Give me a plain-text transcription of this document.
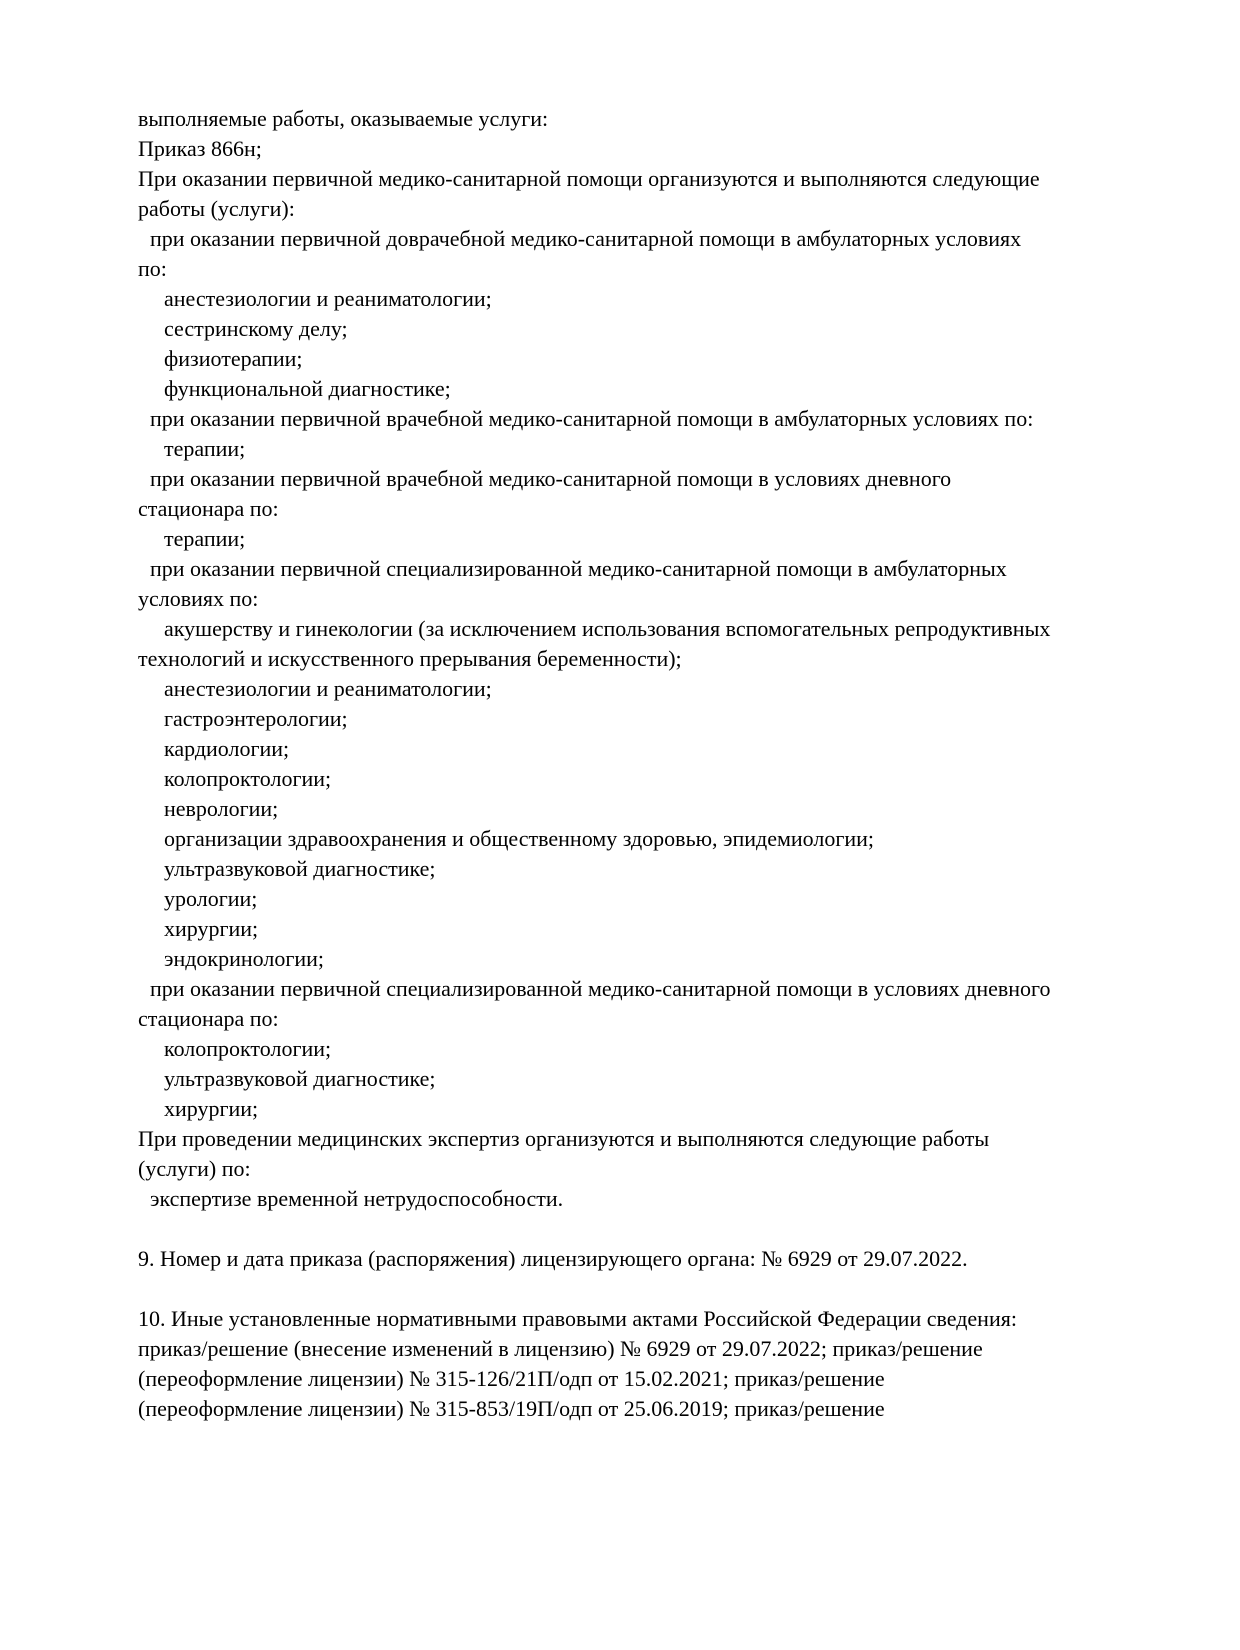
выполняемые работы, оказываемые услуги:
Приказ 866н;
При оказании первичной медико-санитарной помощи организуются и выполняются следующие
работы (услуги):
при оказании первичной доврачебной медико-санитарной помощи в амбулаторных условиях
по:
анестезиологии и реаниматологии;
сестринскому делу;
физиотерапии;
функциональной диагностике;
при оказании первичной врачебной медико-санитарной помощи в амбулаторных условиях по:
терапии;
при оказании первичной врачебной медико-санитарной помощи в условиях дневного
стационара по:
терапии;
при оказании первичной специализированной медико-санитарной помощи в амбулаторных
условиях по:
акушерству и гинекологии (за исключением использования вспомогательных репродуктивных
технологий и искусственного прерывания беременности);
анестезиологии и реаниматологии;
гастроэнтерологии;
кардиологии;
колопроктологии;
неврологии;
организации здравоохранения и общественному здоровью, эпидемиологии;
ультразвуковой диагностике;
урологии;
хирургии;
эндокринологии;
при оказании первичной специализированной медико-санитарной помощи в условиях дневного
стационара по:
колопроктологии;
ультразвуковой диагностике;
хирургии;
При проведении медицинских экспертиз организуются и выполняются следующие работы
(услуги) по:
экспертизе временной нетрудоспособности.
9. Номер и дата приказа (распоряжения) лицензирующего органа: № 6929 от 29.07.2022.
10. Иные установленные нормативными правовыми актами Российской Федерации сведения:
приказ/решение (внесение изменений в лицензию) № 6929 от 29.07.2022; приказ/решение
(переоформление лицензии) № 315-126/21П/одп от 15.02.2021; приказ/решение
(переоформление лицензии) № 315-853/19П/одп от 25.06.2019; приказ/решение
